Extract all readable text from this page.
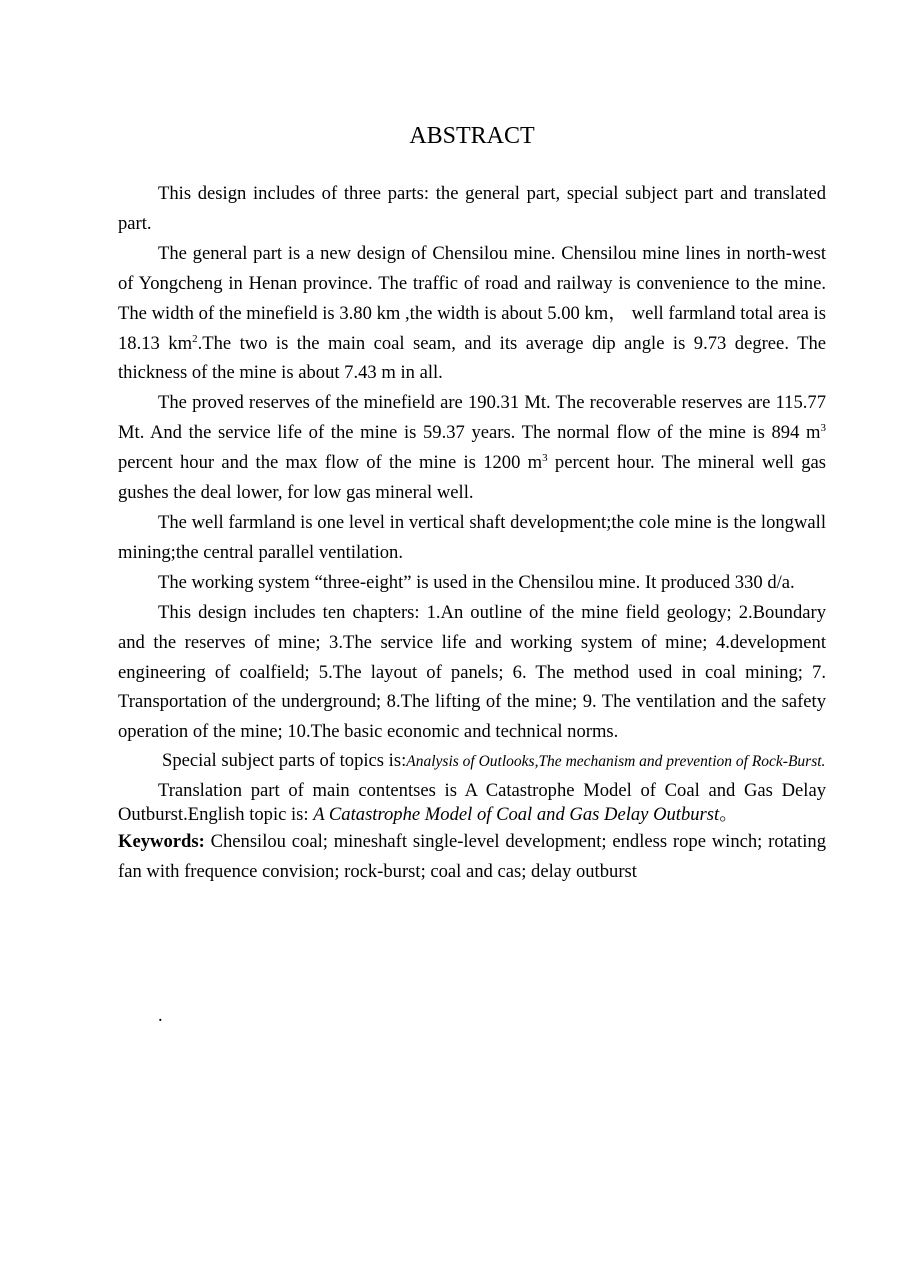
ABSTRACT

This design includes of three parts: the general part, special subject part and translated part.

The general part is a new design of Chensilou mine. Chensilou mine lines in north-west of Yongcheng in Henan province. The traffic of road and railway is convenience to the mine. The width of the minefield is 3.80 km ,the width is about 5.00 km， well farmland total area is 18.13 $km^2.The$ two is the main coal seam, and its average dip angle is 9.73 degree. The thickness of the mine is about 7.43 m in all.

The proved reserves of the minefield are 190.31 Mt. The recoverable reserves are 115.77 Mt. And the service life of the mine is 59.37 years. The normal flow of the mine is 894 $m^3$ percent hour and the max flow of the mine is 1200 $m^3$ percent hour. The mineral well gas gushes the deal lower, for low gas mineral well.

The well farmland is one level in vertical shaft development;the cole mine is the longwall mining;the central parallel ventilation.

The working system “three-eight” is used in the Chensilou mine. It produced 330 d/a.

This design includes ten chapters: 1.An outline of the mine field geology; 2.Boundary and the reserves of mine; 3.The service life and working system of mine; 4.development engineering of coalfield; 5.The layout of panels; 6. The method used in coal mining; 7. Transportation of the underground; 8.The lifting of the mine; 9. The ventilation and the safety operation of the mine; 10.The basic economic and technical norms.

Special subject parts of topics is:Analysis of Outlooks,The mechanism and prevention of Rock-Burst.

Translation part of main contentses is A Catastrophe Model of Coal and Gas Delay Outburst.English topic is: A Catastrophe Model of Coal and Gas Delay Outburst。

Keywords: Chensilou coal; mineshaft single-level development; endless rope winch; rotating fan with frequence convision; rock-burst; coal and cas; delay outburst

.
